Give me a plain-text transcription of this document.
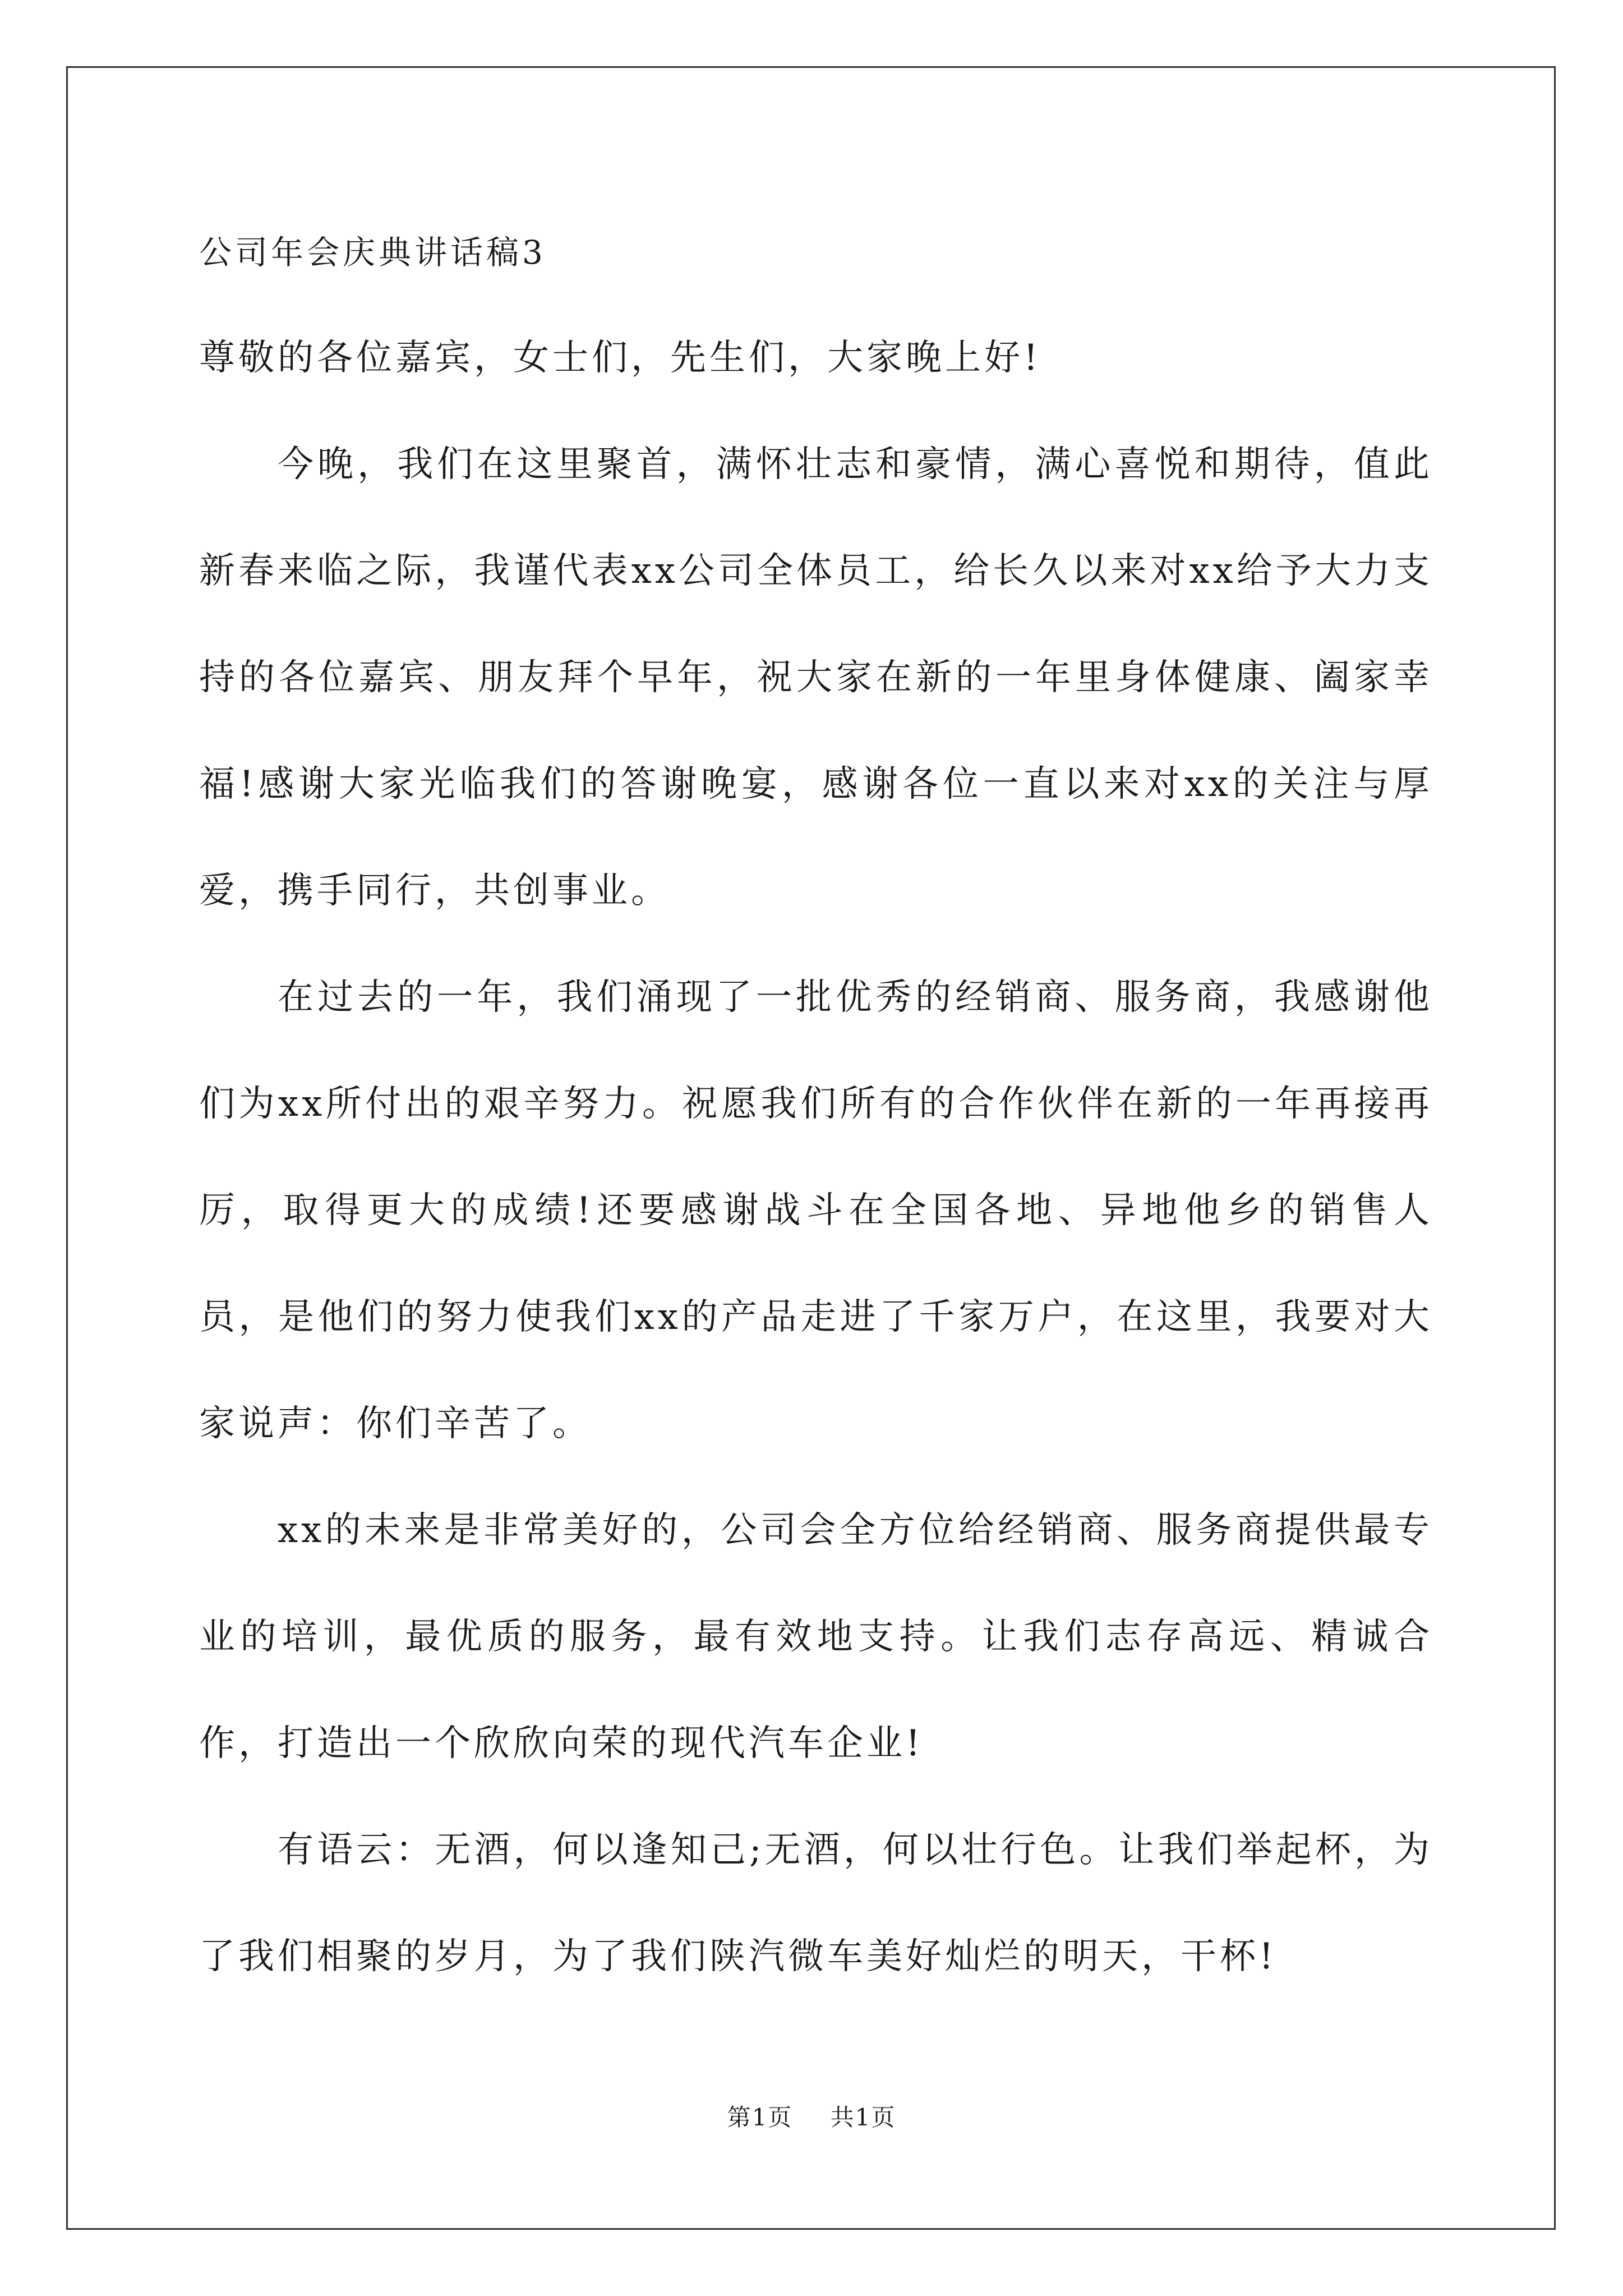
公司年会庆典讲话稿3

尊敬的各位嘉宾，女士们，先生们，大家晚上好!

今晚，我们在这里聚首，满怀壮志和豪情，满心喜悦和期待，值此新春来临之际，我谨代表xx公司全体员工，给长久以来对xx给予大力支持的各位嘉宾、朋友拜个早年，祝大家在新的一年里身体健康、阖家幸福!感谢大家光临我们的答谢晚宴，感谢各位一直以来对xx的关注与厚爱，携手同行，共创事业。

在过去的一年，我们涌现了一批优秀的经销商、服务商，我感谢他们为xx所付出的艰辛努力。祝愿我们所有的合作伙伴在新的一年再接再厉，取得更大的成绩!还要感谢战斗在全国各地、异地他乡的销售人员，是他们的努力使我们xx的产品走进了千家万户，在这里，我要对大家说声：你们辛苦了。

xx的未来是非常美好的，公司会全方位给经销商、服务商提供最专业的培训，最优质的服务，最有效地支持。让我们志存高远、精诚合作，打造出一个欣欣向荣的现代汽车企业!

有语云：无酒，何以逢知己;无酒，何以壮行色。让我们举起杯，为了我们相聚的岁月，为了我们陕汽微车美好灿烂的明天，干杯!

第1页 共1页
